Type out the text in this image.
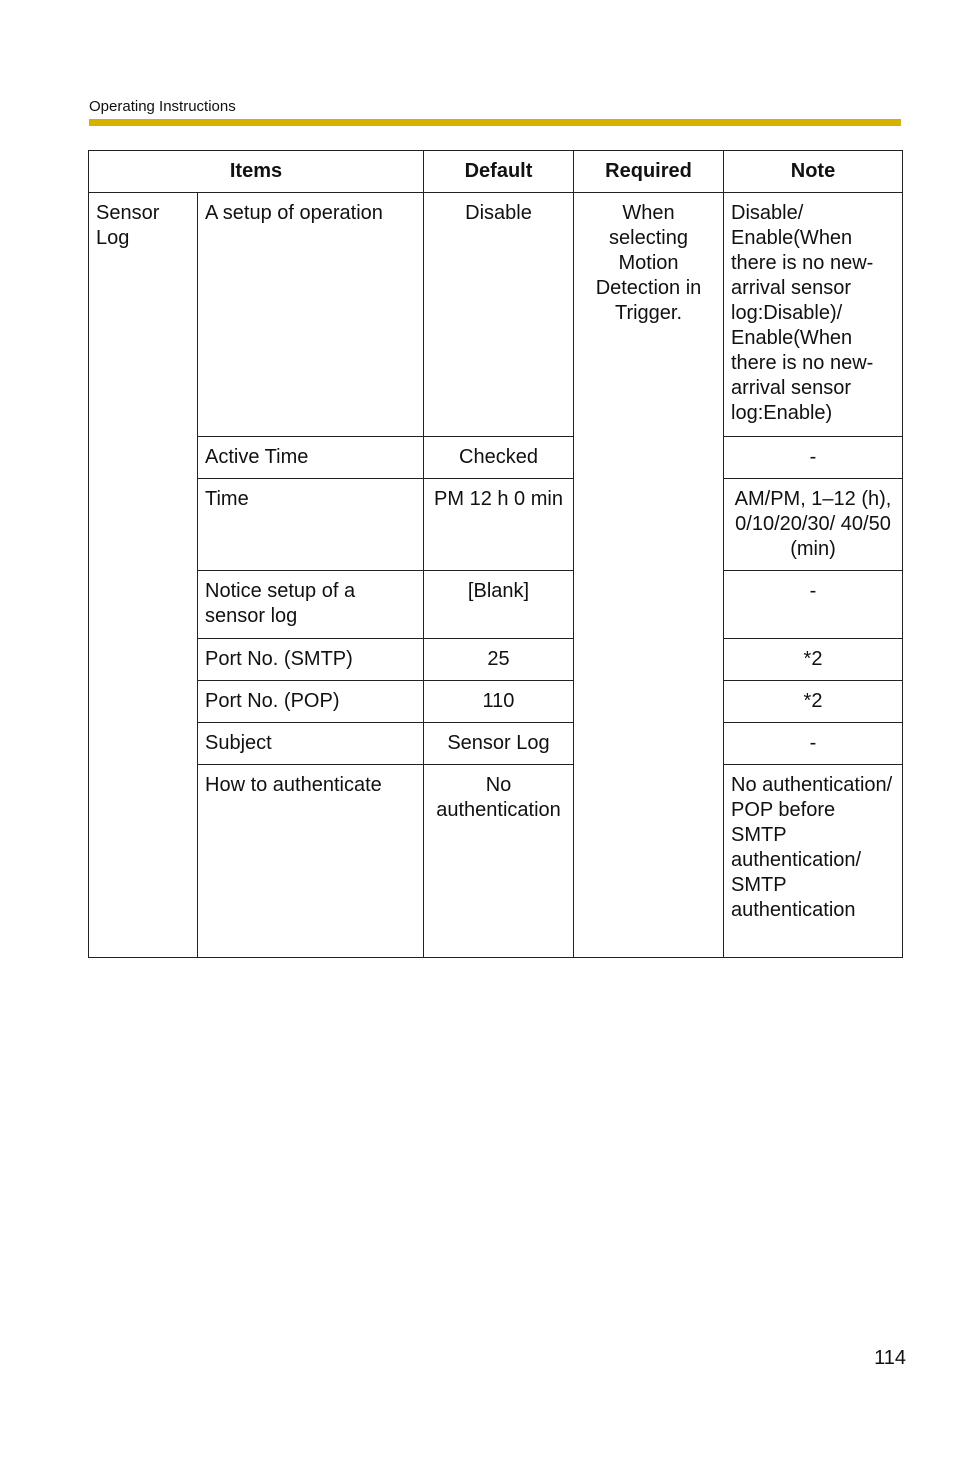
Operating Instructions
Items		Default	Required	Note
Sensor Log	A setup of operation	Disable	When selecting Motion Detection in Trigger.	Disable/ Enable(When there is no new-arrival sensor log:Disable)/ Enable(When there is no new-arrival sensor log:Enable)
	Active Time	Checked		-
	Time	PM 12 h 0 min		AM/PM, 1–12 (h), 0/10/20/30/ 40/50 (min)
	Notice setup of a sensor log	[Blank]		-
	Port No. (SMTP)	25		*2
	Port No. (POP)	110		*2
	Subject	Sensor Log		-
	How to authenticate	No authentication		No authentication/ POP before SMTP authentication/ SMTP authentication
114
